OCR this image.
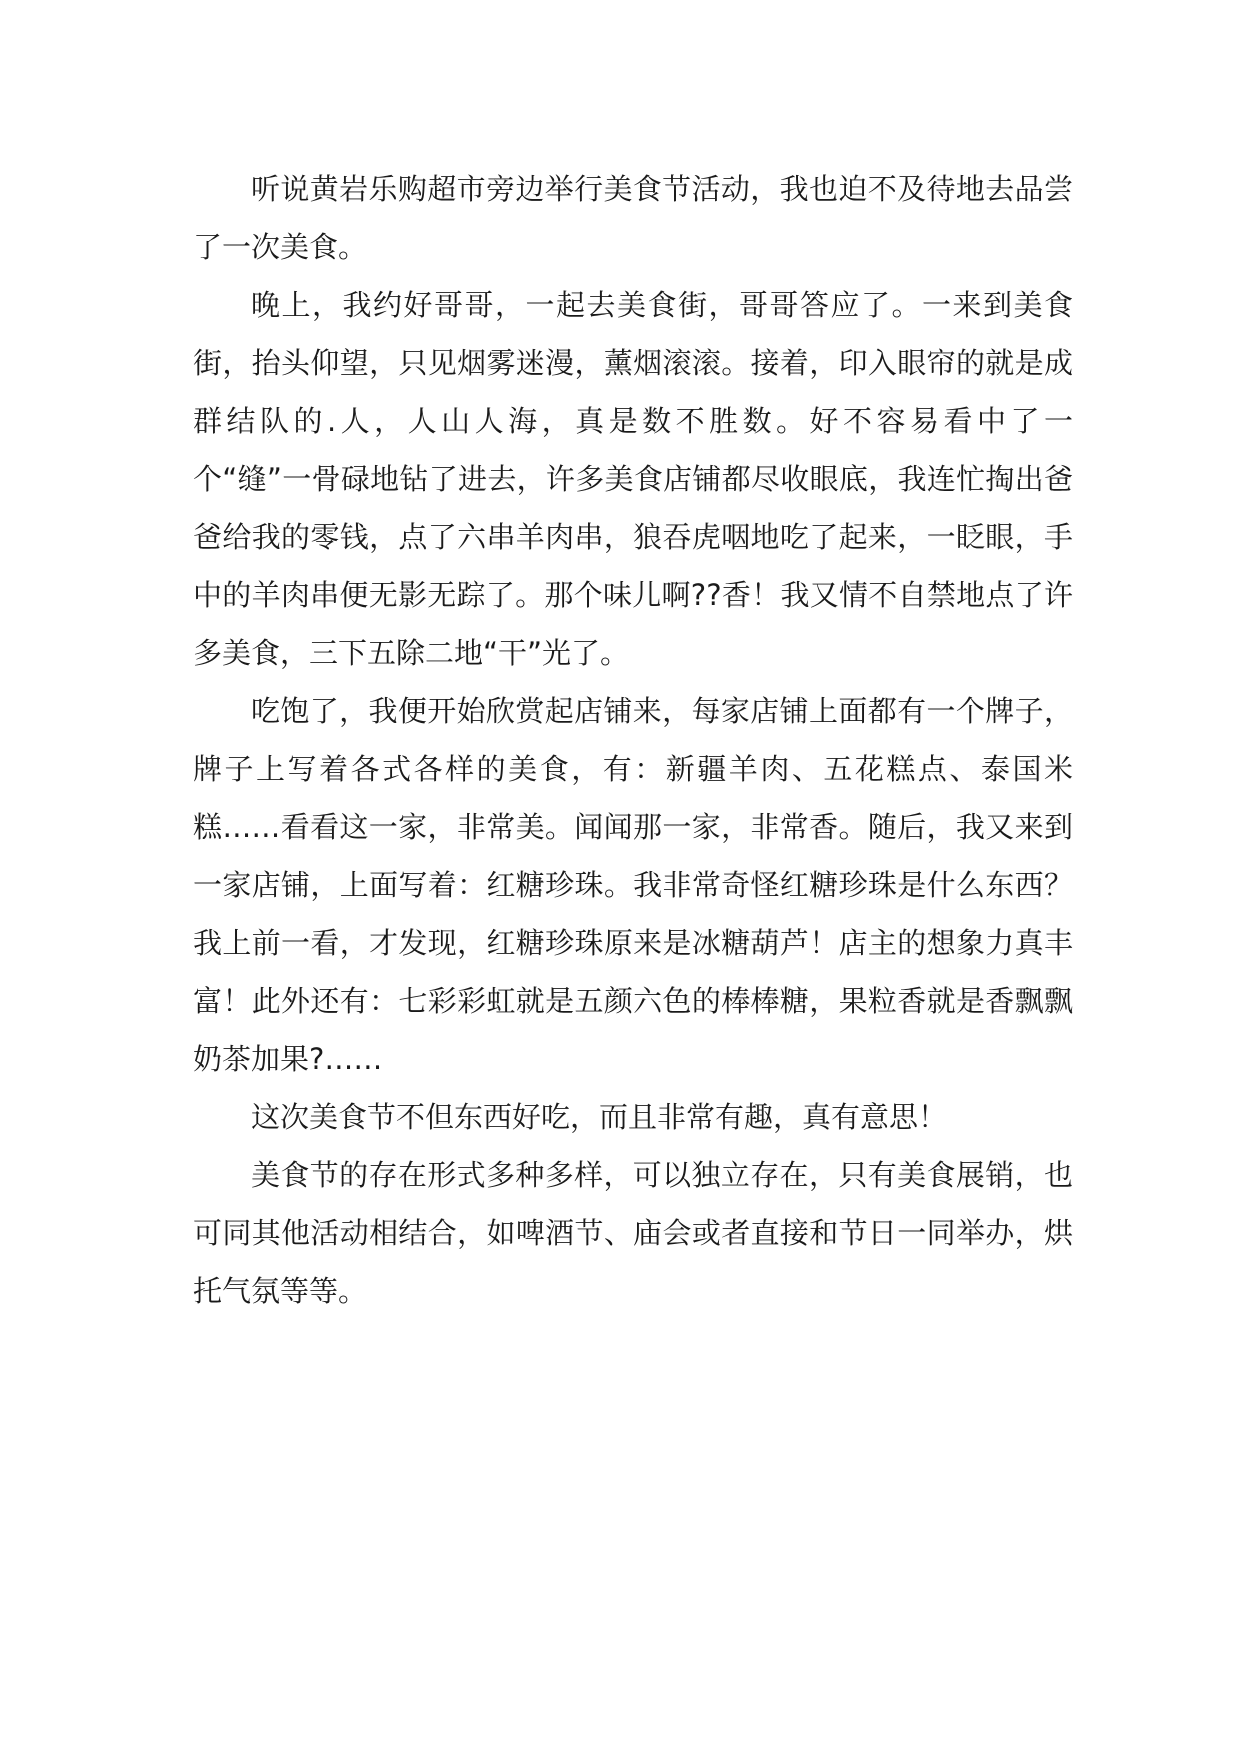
听说黄岩乐购超市旁边举行美食节活动，我也迫不及待地去品尝了一次美食。

晚上，我约好哥哥，一起去美食街，哥哥答应了。一来到美食街，抬头仰望，只见烟雾迷漫，薰烟滚滚。接着，印入眼帘的就是成群结队的.人，人山人海，真是数不胜数。好不容易看中了一个“缝”一骨碌地钻了进去，许多美食店铺都尽收眼底，我连忙掏出爸爸给我的零钱，点了六串羊肉串，狼吞虎咽地吃了起来，一眨眼，手中的羊肉串便无影无踪了。那个味儿啊??香！我又情不自禁地点了许多美食，三下五除二地“干”光了。

吃饱了，我便开始欣赏起店铺来，每家店铺上面都有一个牌子，牌子上写着各式各样的美食，有：新疆羊肉、五花糕点、泰国米糕……看看这一家，非常美。闻闻那一家，非常香。随后，我又来到一家店铺，上面写着：红糖珍珠。我非常奇怪红糖珍珠是什么东西？我上前一看，才发现，红糖珍珠原来是冰糖葫芦！店主的想象力真丰富！此外还有：七彩彩虹就是五颜六色的棒棒糖，果粒香就是香飘飘奶茶加果?……

这次美食节不但东西好吃，而且非常有趣，真有意思！

美食节的存在形式多种多样，可以独立存在，只有美食展销，也可同其他活动相结合，如啤酒节、庙会或者直接和节日一同举办，烘托气氛等等。
